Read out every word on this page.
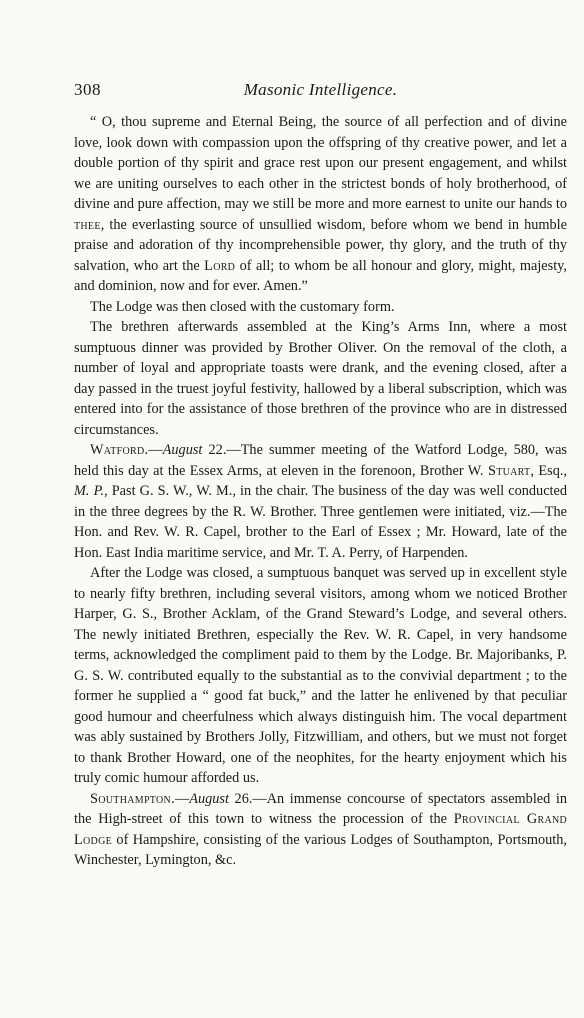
308	Masonic Intelligence.

“ O, thou supreme and Eternal Being, the source of all perfection and of divine love, look down with compassion upon the offspring of thy creative power, and let a double portion of thy spirit and grace rest upon our present engagement, and whilst we are uniting ourselves to each other in the strictest bonds of holy brotherhood, of divine and pure affection, may we still be more and more earnest to unite our hands to thee, the everlasting source of unsullied wisdom, before whom we bend in humble praise and adoration of thy incomprehensible power, thy glory, and the truth of thy salvation, who art the Lord of all; to whom be all honour and glory, might, majesty, and dominion, now and for ever. Amen.”

The Lodge was then closed with the customary form.

The brethren afterwards assembled at the King’s Arms Inn, where a most sumptuous dinner was provided by Brother Oliver. On the removal of the cloth, a number of loyal and appropriate toasts were drank, and the evening closed, after a day passed in the truest joyful festivity, hallowed by a liberal subscription, which was entered into for the assistance of those brethren of the province who are in distressed circumstances.

Watford.—August 22.—The summer meeting of the Watford Lodge, 580, was held this day at the Essex Arms, at eleven in the forenoon, Brother W. Stuart, Esq., M. P., Past G. S. W., W. M., in the chair. The business of the day was well conducted in the three degrees by the R. W. Brother. Three gentlemen were initiated, viz.—The Hon. and Rev. W. R. Capel, brother to the Earl of Essex ; Mr. Howard, late of the Hon. East India maritime service, and Mr. T. A. Perry, of Harpenden.

After the Lodge was closed, a sumptuous banquet was served up in excellent style to nearly fifty brethren, including several visitors, among whom we noticed Brother Harper, G. S., Brother Acklam, of the Grand Steward’s Lodge, and several others. The newly initiated Brethren, especially the Rev. W. R. Capel, in very handsome terms, acknowledged the compliment paid to them by the Lodge. Br. Majoribanks, P. G. S. W. contributed equally to the substantial as to the convivial department ; to the former he supplied a “ good fat buck,” and the latter he enlivened by that peculiar good humour and cheerfulness which always distinguish him. The vocal department was ably sustained by Brothers Jolly, Fitzwilliam, and others, but we must not forget to thank Brother Howard, one of the neophites, for the hearty enjoyment which his truly comic humour afforded us.

Southampton.—August 26.—An immense concourse of spectators assembled in the High-street of this town to witness the procession of the Provincial Grand Lodge of Hampshire, consisting of the various Lodges of Southampton, Portsmouth, Winchester, Lymington, &c.
